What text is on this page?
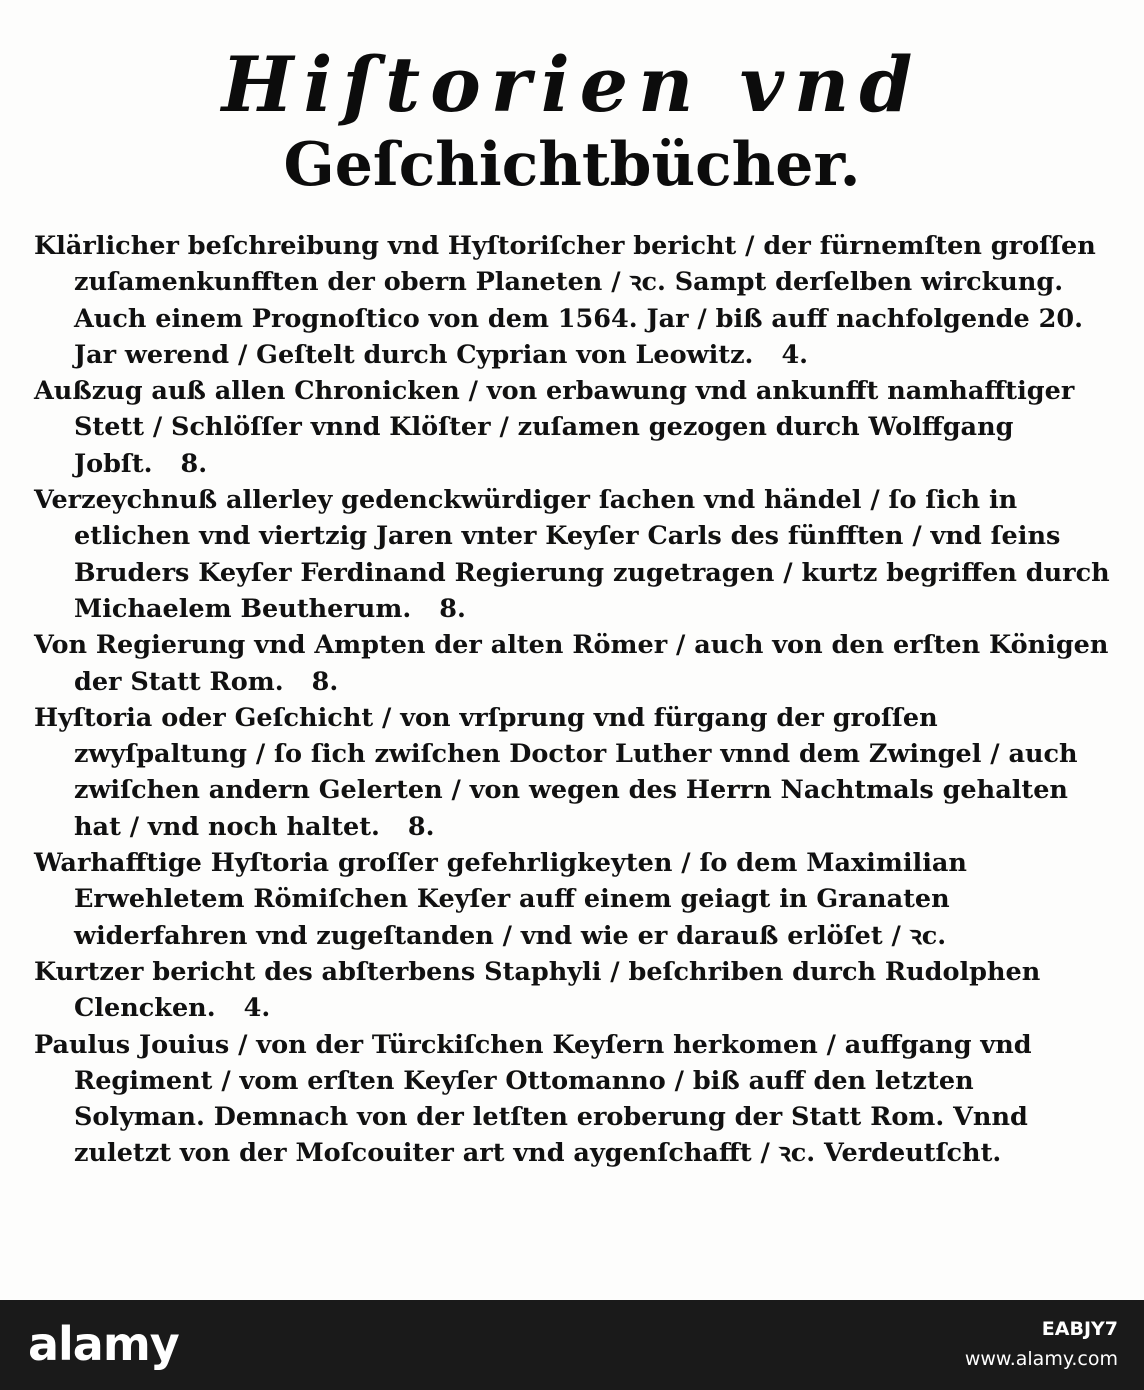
Hiſtorien vnd
Geſchichtbücher.
Klärlicher beſchreibung vnd Hyſtoriſcher bericht / der fürnemſten groſſen zuſamenkunfften der obern Planeten / ꝛc. Sampt derſelben wirckung. Auch einem Prognoſtico von dem 1564. Jar / biß auff nachfolgende 20. Jar werend / Geſtelt durch Cyprian von Leowitz. 4.
Außzug auß allen Chronicken / von erbawung vnd ankunfft namhafftiger Stett / Schlöſſer vnnd Klöſter / zuſamen gezogen durch Wolffgang Jobſt. 8.
Verzeychnuß allerley gedenckwürdiger ſachen vnd händel / ſo ſich in etlichen vnd viertzig Jaren vnter Keyſer Carls des fünfften / vnd ſeins Bruders Keyſer Ferdinand Regierung zugetragen / kurtz begriffen durch Michaelem Beutherum. 8.
Von Regierung vnd Ampten der alten Römer / auch von den erſten Königen der Statt Rom. 8.
Hyſtoria oder Geſchicht / von vrſprung vnd fürgang der groſſen zwyſpaltung / ſo ſich zwiſchen Doctor Luther vnnd dem Zwingel / auch zwiſchen andern Gelerten / von wegen des Herrn Nachtmals gehalten hat / vnd noch haltet. 8.
Warhafftige Hyſtoria groſſer gefehrligkeyten / ſo dem Maximilian Erwehletem Römiſchen Keyſer auff einem geiagt in Granaten widerfahren vnd zugeſtanden / vnd wie er darauß erlöſet / ꝛc.
Kurtzer bericht des abſterbens Staphyli / beſchriben durch Rudolphen Clencken. 4.
Paulus Jouius / von der Türckiſchen Keyſern herkomen / auffgang vnd Regiment / vom erſten Keyſer Ottomanno / biß auff den letzten Solyman. Demnach von der letſten eroberung der Statt Rom. Vnnd zuletzt von der Moſcouiter art vnd aygenſchafft / ꝛc. Verdeutſcht.
alamy	EABJY7
www.alamy.com
